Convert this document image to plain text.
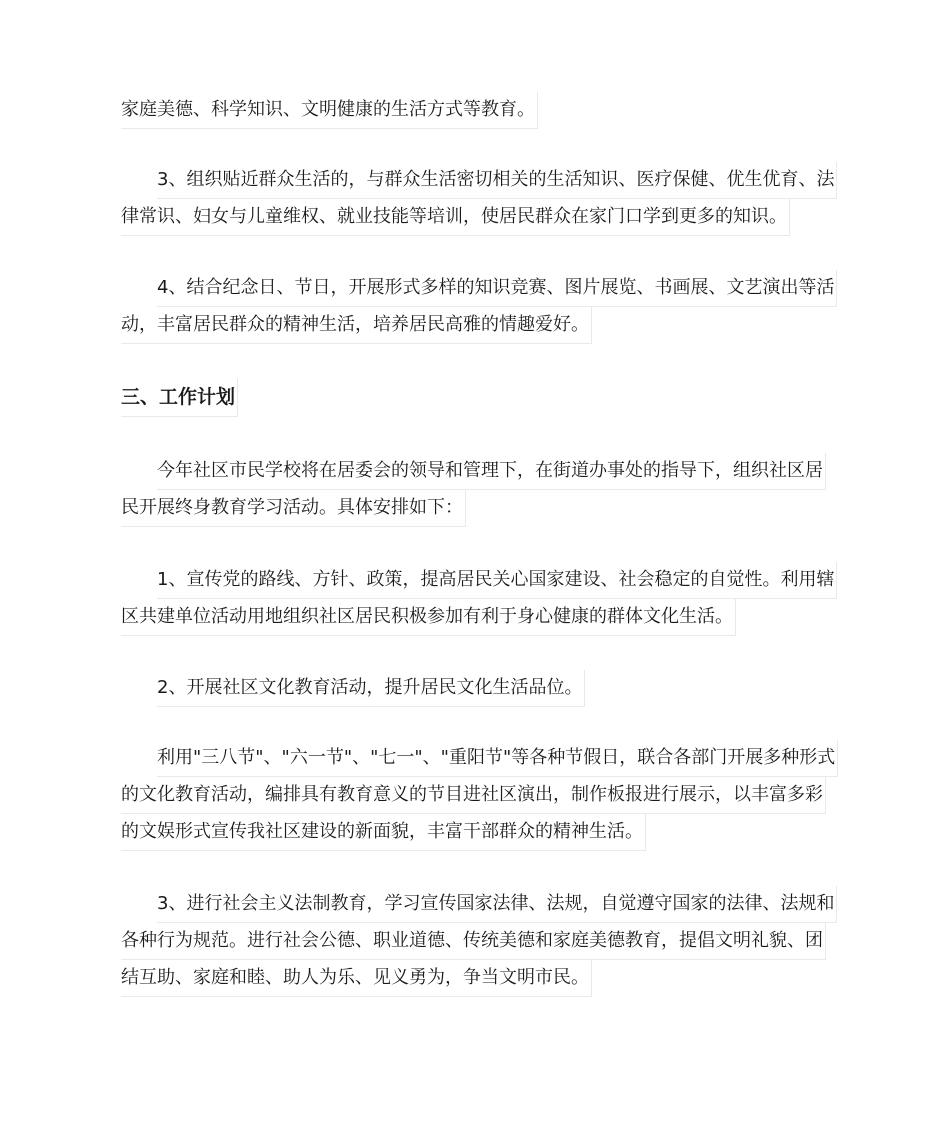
家庭美德、科学知识、文明健康的生活方式等教育。
3、组织贴近群众生活的，与群众生活密切相关的生活知识、医疗保健、优生优育、法
律常识、妇女与儿童维权、就业技能等培训，使居民群众在家门口学到更多的知识。
4、结合纪念日、节日，开展形式多样的知识竞赛、图片展览、书画展、文艺演出等活
动，丰富居民群众的精神生活，培养居民高雅的情趣爱好。
三、工作计划
今年社区市民学校将在居委会的领导和管理下，在街道办事处的指导下，组织社区居
民开展终身教育学习活动。具体安排如下：
1、宣传党的路线、方针、政策，提高居民关心国家建设、社会稳定的自觉性。利用辖
区共建单位活动用地组织社区居民积极参加有利于身心健康的群体文化生活。
2、开展社区文化教育活动，提升居民文化生活品位。
利用"三八节"、"六一节"、"七一"、"重阳节"等各种节假日，联合各部门开展多种形式
的文化教育活动，编排具有教育意义的节目进社区演出，制作板报进行展示，以丰富多彩
的文娱形式宣传我社区建设的新面貌，丰富干部群众的精神生活。
3、进行社会主义法制教育，学习宣传国家法律、法规，自觉遵守国家的法律、法规和
各种行为规范。进行社会公德、职业道德、传统美德和家庭美德教育，提倡文明礼貌、团
结互助、家庭和睦、助人为乐、见义勇为，争当文明市民。
